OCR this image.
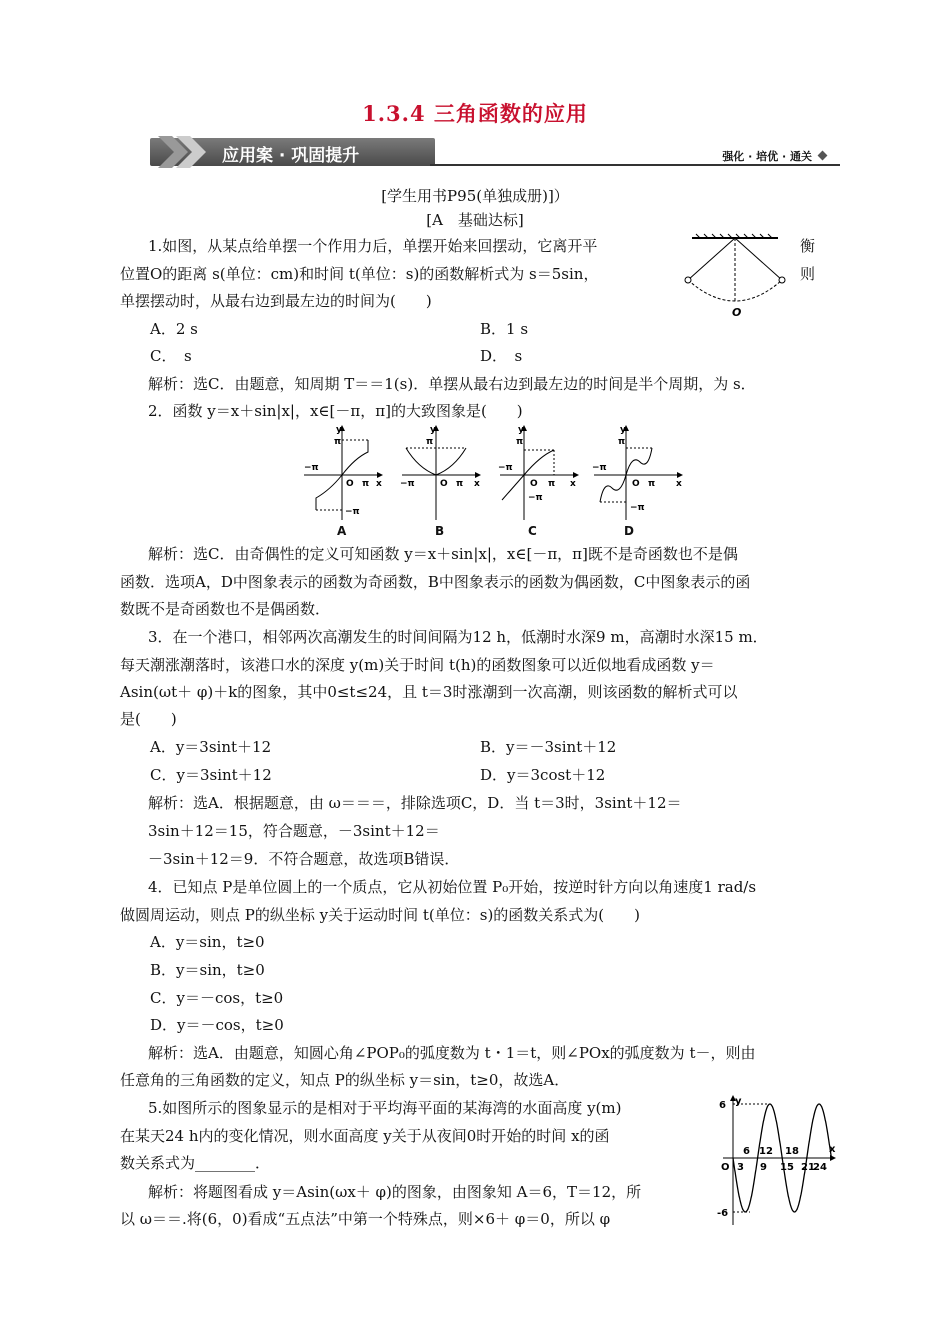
1.3.4 三角函数的应用
应用案 · 巩固提升	强化 · 培优 · 通关
[学生用书P95(单独成册)]）
[A　基础达标]
1.如图，从某点给单摆一个作用力后，单摆开始来回摆动，它离开平
位置O的距离 s(单位：cm)和时间 t(单位：s)的函数解析式为 s＝5sin，
单摆摆动时，从最右边到最左边的时间为(　　)
衡
则
O
A．2 s	B．1 s
C．　s	D．　s
解析：选C．由题意，知周期 T＝＝1(s)．单摆从最右边到最左边的时间是半个周期，为 s．
2．函数 y＝x＋sin|x|，x∈[－π，π]的大致图象是(　　)
π
−π
O π x
−π
y
π
−π	O π x
y
π
−π
O π x
−π
y
π
−π
O π x
−π
y
A	B	C	D
解析：选C．由奇偶性的定义可知函数 y＝x＋sin|x|，x∈[－π，π]既不是奇函数也不是偶
函数．选项A，D中图象表示的函数为奇函数，B中图象表示的函数为偶函数，C中图象表示的函
数既不是奇函数也不是偶函数．
3．在一个港口，相邻两次高潮发生的时间间隔为12 h，低潮时水深9 m，高潮时水深15 m．
每天潮涨潮落时，该港口水的深度 y(m)关于时间 t(h)的函数图象可以近似地看成函数 y＝
Asin(ωt＋ φ)＋k的图象，其中0≤t≤24，且 t＝3时涨潮到一次高潮，则该函数的解析式可以
是(　　)
A．y＝3sint＋12	B．y＝－3sint＋12
C．y＝3sint＋12	D．y＝3cost＋12
解析：选A．根据题意，由 ω＝＝＝，排除选项C，D．当 t＝3时，3sint＋12＝
3sin＋12＝15，符合题意，－3sint＋12＝
－3sin＋12＝9．不符合题意，故选项B错误．
4．已知点 P是单位圆上的一个质点，它从初始位置 P₀开始，按逆时针方向以角速度1 rad/s
做圆周运动，则点 P的纵坐标 y关于运动时间 t(单位：s)的函数关系式为(　　)
A．y＝sin，t≥0
B．y＝sin，t≥0
C．y＝－cos，t≥0
D．y＝－cos，t≥0
解析：选A．由题意，知圆心角∠POP₀的弧度数为 t・1＝t，则∠POx的弧度数为 t－，则由
任意角的三角函数的定义，知点 P的纵坐标 y＝sin，t≥0，故选A．
5.如图所示的图象显示的是相对于平均海平面的某海湾的水面高度 y(m)
在某天24 h内的变化情况，则水面高度 y关于从夜间0时开始的时间 x的函
数关系式为________．
解析：将题图看成 y＝Asin(ωx＋ φ)的图象，由图象知 A＝6，T＝12，所
以 ω＝＝.将(6，0)看成“五点法”中第一个特殊点，则×6＋ φ＝0，所以 φ
y
x
6
-6
O
6 12 18
3 9 15 21
24
